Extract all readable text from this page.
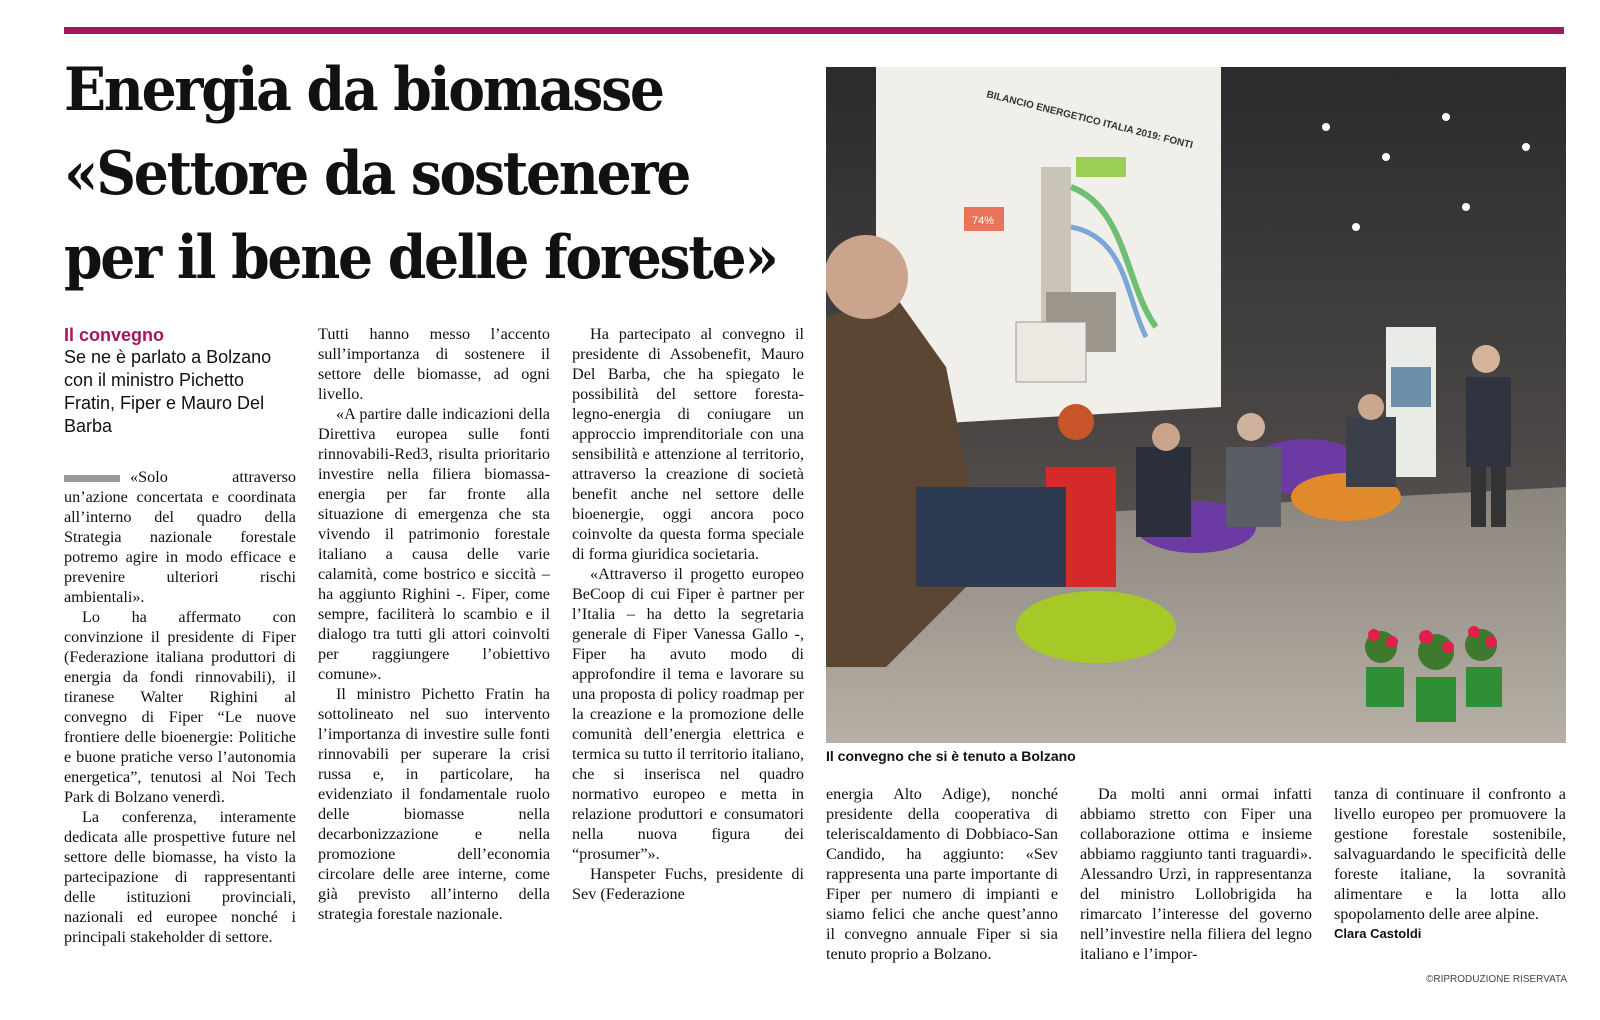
Energia da biomasse
«Settore da sostenere
per il bene delle foreste»
Il convegno
Se ne è parlato a Bolzano con il ministro Pichetto Fratin, Fiper e Mauro Del Barba

«Solo attraverso un’azione concertata e coordinata all’interno del quadro della Strategia nazionale forestale potremo agire in modo efficace e prevenire ulteriori rischi ambientali».

Lo ha affermato con convinzione il presidente di Fiper (Federazione italiana produttori di energia da fondi rinnovabili), il tiranese Walter Righini al convegno di Fiper “Le nuove frontiere delle bioenergie: Politiche e buone pratiche verso l’autonomia energetica”, tenutosi al Noi Tech Park di Bolzano venerdì.

La conferenza, interamente dedicata alle prospettive future nel settore delle biomasse, ha visto la partecipazione di rappresentanti delle istituzioni provinciali, nazionali ed europee nonché i principali stakeholder di settore.

Tutti hanno messo l’accento sull’importanza di sostenere il settore delle biomasse, ad ogni livello.

«A partire dalle indicazioni della Direttiva europea sulle fonti rinnovabili-Red3, risulta prioritario investire nella filiera biomassa-energia per far fronte alla situazione di emergenza che sta vivendo il patrimonio forestale italiano a causa delle varie calamità, come bostrico e siccità – ha aggiunto Righini -. Fiper, come sempre, faciliterà lo scambio e il dialogo tra tutti gli attori coinvolti per raggiungere l’obiettivo comune».

Il ministro Pichetto Fratin ha sottolineato nel suo intervento l’importanza di investire sulle fonti rinnovabili per superare la crisi russa e, in particolare, ha evidenziato il fondamentale ruolo delle biomasse nella decarbonizzazione e nella promozione dell’economia circolare delle aree interne, come già previsto all’interno della strategia forestale nazionale.

Ha partecipato al convegno il presidente di Assobenefit, Mauro Del Barba, che ha spiegato le possibilità del settore foresta-legno-energia di coniugare un approccio imprenditoriale con una sensibilità e attenzione al territorio, attraverso la creazione di società benefit anche nel settore delle bioenergie, oggi ancora poco coinvolte da questa forma speciale di forma giuridica societaria.

«Attraverso il progetto europeo BeCoop di cui Fiper è partner per l’Italia – ha detto la segretaria generale di Fiper Vanessa Gallo -, Fiper ha avuto modo di approfondire il tema e lavorare su una proposta di policy roadmap per la creazione e la promozione delle comunità dell’energia elettrica e termica su tutto il territorio italiano, che si inserisca nel quadro normativo europeo e metta in relazione produttori e consumatori nella nuova figura dei “prosumer”».

Hanspeter Fuchs, presidente di Sev (Federazione

BILANCIO ENERGETICO ITALIA 2019: FONTI
74%
Il convegno che si è tenuto a Bolzano

energia Alto Adige), nonché presidente della cooperativa di teleriscaldamento di Dobbiaco-San Candido, ha aggiunto: «Sev rappresenta una parte importante di Fiper per numero di impianti e siamo felici che anche quest’anno il convegno annuale Fiper si sia tenuto proprio a Bolzano.

Da molti anni ormai infatti abbiamo stretto con Fiper una collaborazione ottima e insieme abbiamo raggiunto tanti traguardi». Alessandro Urzì, in rappresentanza del ministro Lollobrigida ha rimarcato l’interesse del governo nell’investire nella filiera del legno italiano e l’impor-

tanza di continuare il confronto a livello europeo per promuovere la gestione forestale sostenibile, salvaguardando le specificità delle foreste italiane, la sovranità alimentare e la lotta allo spopolamento delle aree alpine.

Clara Castoldi
©RIPRODUZIONE RISERVATA
